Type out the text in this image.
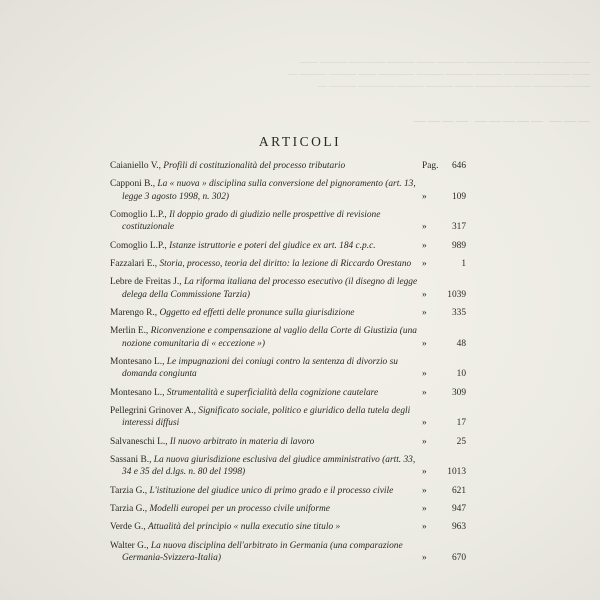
——— —— ——— ————— ——— —— ——— ———— ——— ——
—— ———— ——— ——— ——— ——— ———— —— ——— ——— —
——— ——— —— ———— —— ——— ——— ———— ——— —
——— ————— ————
ARTICOLI
Caianiello V., Profili di costituzionalità del processo tributario	Pag.	646
Capponi B., La « nuova » disciplina sulla conversione del pignoramento (art. 13, legge 3 agosto 1998, n. 302)	»	109
Comoglio L.P., Il doppio grado di giudizio nelle prospettive di revisione costituzionale	»	317
Comoglio L.P., Istanze istruttorie e poteri del giudice ex art. 184 c.p.c.	»	989
Fazzalari E., Storia, processo, teoria del diritto: la lezione di Riccardo Orestano	»	1
Lebre de Freitas J., La riforma italiana del processo esecutivo (il disegno di legge delega della Commissione Tarzia)	»	1039
Marengo R., Oggetto ed effetti delle pronunce sulla giurisdizione	»	335
Merlin E., Riconvenzione e compensazione al vaglio della Corte di Giustizia (una nozione comunitaria di « eccezione »)	»	48
Montesano L., Le impugnazioni dei coniugi contro la sentenza di divorzio su domanda congiunta	»	10
Montesano L., Strumentalità e superficialità della cognizione cautelare	»	309
Pellegrini Grinover A., Significato sociale, politico e giuridico della tutela degli interessi diffusi	»	17
Salvaneschi L., Il nuovo arbitrato in materia di lavoro	»	25
Sassani B., La nuova giurisdizione esclusiva del giudice amministrativo (artt. 33, 34 e 35 del d.lgs. n. 80 del 1998)	»	1013
Tarzia G., L'istituzione del giudice unico di primo grado e il processo civile	»	621
Tarzia G., Modelli europei per un processo civile uniforme	»	947
Verde G., Attualità del principio « nulla executio sine titulo »	»	963
Walter G., La nuova disciplina dell'arbitrato in Germania (una comparazione Germania-Svizzera-Italia)	»	670
